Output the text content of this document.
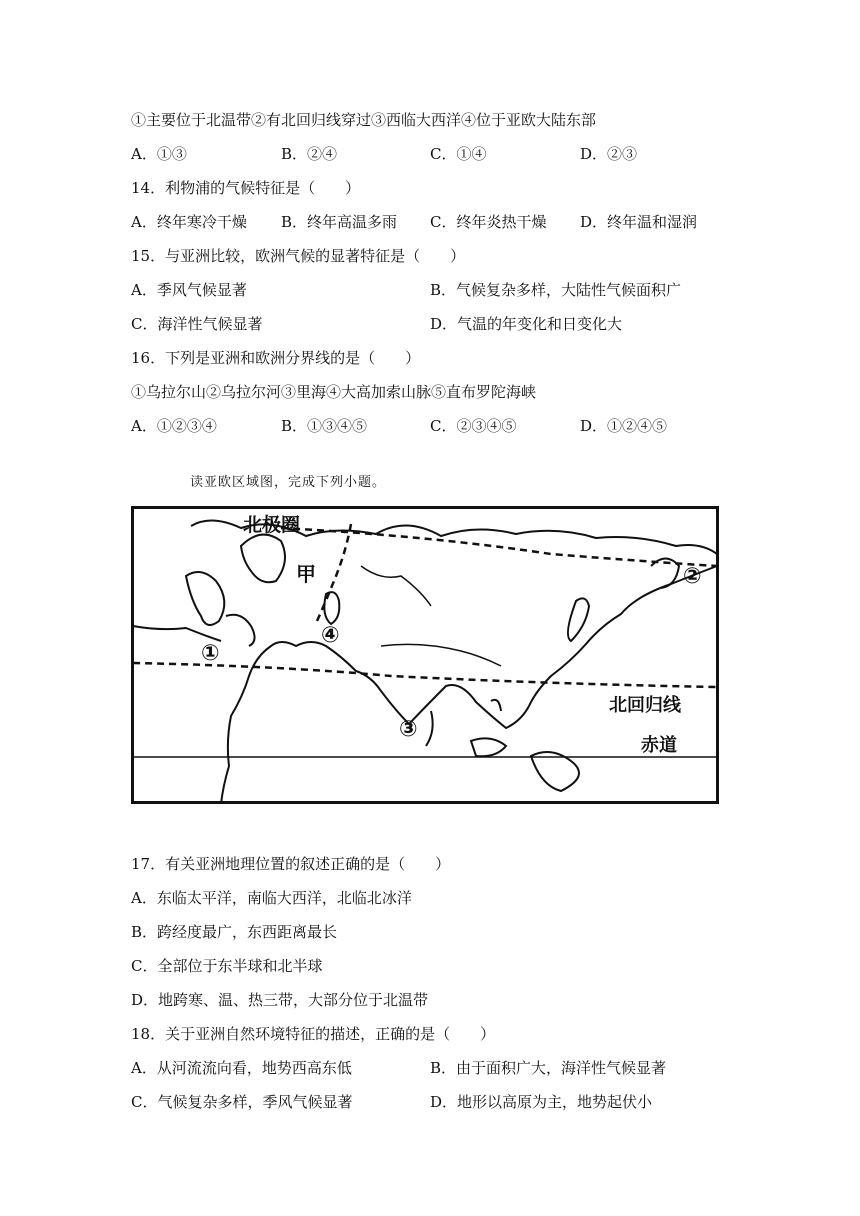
①主要位于北温带②有北回归线穿过③西临大西洋④位于亚欧大陆东部
A．①③	B．②④	C．①④	D．②③
14．利物浦的气候特征是（　　）
A．终年寒冷干燥 B．终年高温多雨 C．终年炎热干燥 D．终年温和湿润
15．与亚洲比较，欧洲气候的显著特征是（　　）
A．季风气候显著	B．气候复杂多样，大陆性气候面积广
C．海洋性气候显著	D．气温的年变化和日变化大
16．下列是亚洲和欧洲分界线的是（　　）
①乌拉尔山②乌拉尔河③里海④大高加索山脉⑤直布罗陀海峡
A．①②③④	B．①③④⑤	C．②③④⑤	D．①②④⑤
读亚欧区域图，完成下列小题。
北极圈
甲
①
②
③
④
北回归线
赤道
17．有关亚洲地理位置的叙述正确的是（　　）
A．东临太平洋，南临大西洋，北临北冰洋
B．跨经度最广，东西距离最长
C．全部位于东半球和北半球
D．地跨寒、温、热三带，大部分位于北温带
18．关于亚洲自然环境特征的描述，正确的是（　　）
A．从河流流向看，地势西高东低	B．由于面积广大，海洋性气候显著
C．气候复杂多样，季风气候显著	D．地形以高原为主，地势起伏小
